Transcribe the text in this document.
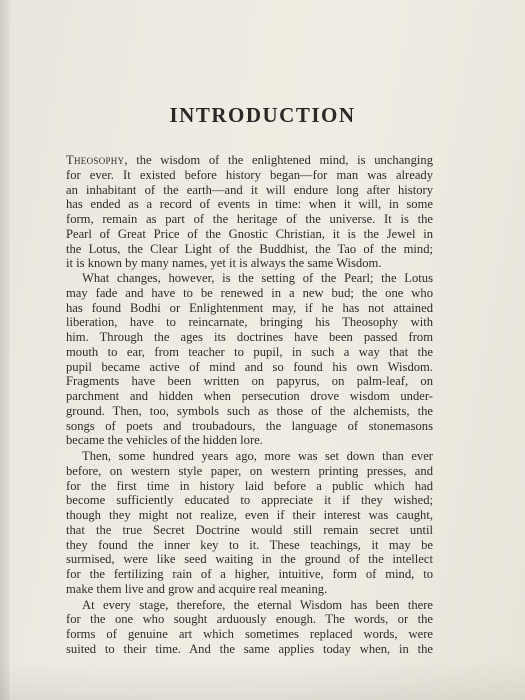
INTRODUCTION

Theosophy, the wisdom of the enlightened mind, is unchanging
for ever. It existed before history began—for man was already
an inhabitant of the earth—and it will endure long after history
has ended as a record of events in time: when it will, in some
form, remain as part of the heritage of the universe. It is the
Pearl of Great Price of the Gnostic Christian, it is the Jewel in
the Lotus, the Clear Light of the Buddhist, the Tao of the mind;
it is known by many names, yet it is always the same Wisdom.

What changes, however, is the setting of the Pearl; the Lotus
may fade and have to be renewed in a new bud; the one who
has found Bodhi or Enlightenment may, if he has not attained
liberation, have to reincarnate, bringing his Theosophy with
him. Through the ages its doctrines have been passed from
mouth to ear, from teacher to pupil, in such a way that the
pupil became active of mind and so found his own Wisdom.
Fragments have been written on papyrus, on palm-leaf, on
parchment and hidden when persecution drove wisdom under-
ground. Then, too, symbols such as those of the alchemists, the
songs of poets and troubadours, the language of stonemasons
became the vehicles of the hidden lore.

Then, some hundred years ago, more was set down than ever
before, on western style paper, on western printing presses, and
for the first time in history laid before a public which had
become sufficiently educated to appreciate it if they wished;
though they might not realize, even if their interest was caught,
that the true Secret Doctrine would still remain secret until
they found the inner key to it. These teachings, it may be
surmised, were like seed waiting in the ground of the intellect
for the fertilizing rain of a higher, intuitive, form of mind, to
make them live and grow and acquire real meaning.

At every stage, therefore, the eternal Wisdom has been there
for the one who sought arduously enough. The words, or the
forms of genuine art which sometimes replaced words, were
suited to their time. And the same applies today when, in the
